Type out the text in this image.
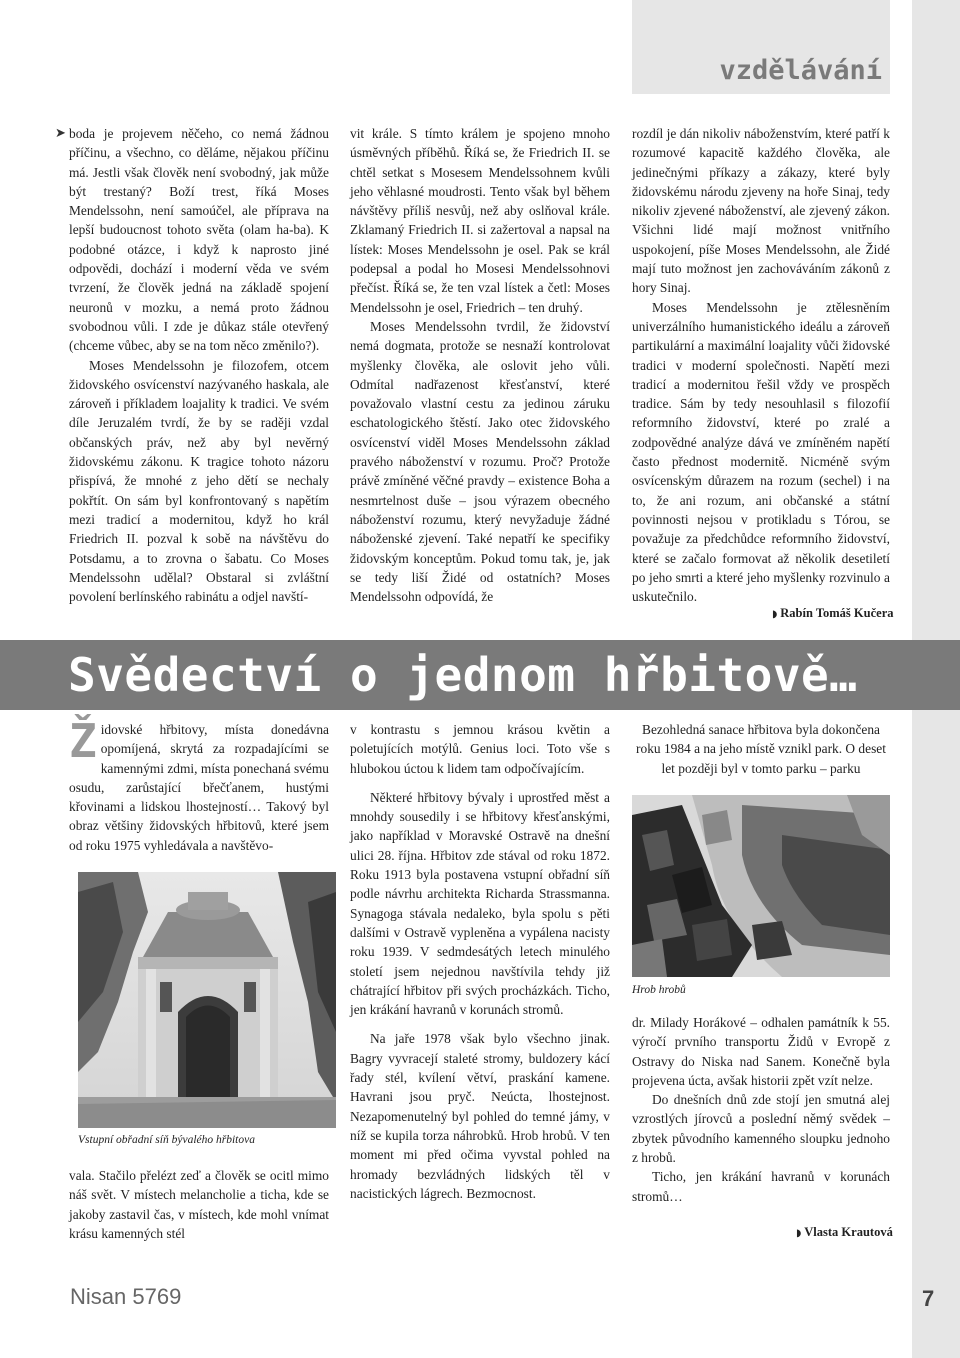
vzdělávání
➤ boda je projevem něčeho, co nemá žádnou příčinu, a všechno, co děláme, nějakou příčinu má. Jestli však člověk není svobodný, jak může být trestaný? Boží trest, říká Moses Mendelssohn, není samoúčel, ale příprava na lepší budoucnost tohoto světa (olam ha-ba). K podobné otázce, i když k naprosto jiné odpovědi, dochází i moderní věda ve svém tvrzení, že člověk jedná na základě spojení neuronů v mozku, a nemá proto žádnou svobodnou vůli. I zde je důkaz stále otevřený (chceme vůbec, aby se na tom něco změnilo?).

Moses Mendelssohn je filozofem, otcem židovského osvícenství nazývaného haskala, ale zároveň i příkladem loajality k tradici. Ve svém díle Jeruzalém tvrdí, že by se raději vzdal občanských práv, než aby byl nevěrný židovskému zákonu. K tragice tohoto názoru přispívá, že mnohé z jeho dětí se nechaly pokřtít. On sám byl konfrontovaný s napětím mezi tradicí a modernitou, když ho král Friedrich II. pozval k sobě na návštěvu do Potsdamu, a to zrovna o šabatu. Co Moses Mendelssohn udělal? Obstaral si zvláštní povolení berlínského rabinátu a odjel navští-

vit krále. S tímto králem je spojeno mnoho úsměvných příběhů. Říká se, že Friedrich II. se chtěl setkat s Mosesem Mendelssohnem kvůli jeho věhlasné moudrosti. Tento však byl během návštěvy příliš nesvůj, než aby oslňoval krále. Zklamaný Friedrich II. si zažertoval a napsal na lístek: Moses Mendelssohn je osel. Pak se král podepsal a podal ho Mosesi Mendelssohnovi přečíst. Říká se, že ten vzal lístek a četl: Moses Mendelssohn je osel, Friedrich – ten druhý.

Moses Mendelssohn tvrdil, že židovství nemá dogmata, protože se nesnaží kontrolovat myšlenky člověka, ale oslovit jeho vůli. Odmítal nadřazenost křesťanství, které považovalo vlastní cestu za jedinou záruku eschatologického štěstí. Jako otec židovského osvícenství viděl Moses Mendelssohn základ pravého náboženství v rozumu. Proč? Protože právě zmíněné věčné pravdy – existence Boha a nesmrtelnost duše – jsou výrazem obecného náboženství rozumu, který nevyžaduje žádné náboženské zjevení. Také nepatří ke specifiky židovským konceptům. Pokud tomu tak, je, jak se tedy liší Židé od ostatních? Moses Mendelssohn odpovídá, že

rozdíl je dán nikoliv náboženstvím, které patří k rozumové kapacitě každého člověka, ale jedinečnými příkazy a zákazy, které byly židovskému národu zjeveny na hoře Sinaj, tedy nikoliv zjevené náboženství, ale zjevený zákon. Všichni lidé mají možnost vnitřního uspokojení, píše Moses Mendelssohn, ale Židé mají tuto možnost jen zachováváním zákonů z hory Sinaj.

Moses Mendelssohn je ztělesněním univerzálního humanistického ideálu a zároveň partikulární a maximální loajality vůči židovské tradici v moderní společnosti. Napětí mezi tradicí a modernitou řešil vždy ve prospěch tradice. Sám by tedy nesouhlasil s filozofií reformního židovství, které po zralé a zodpovědné analýze dává ve zmíněném napětí často přednost modernitě. Nicméně svým osvícenským důrazem na rozum (sechel) i na to, že ani rozum, ani občanské a státní povinnosti nejsou v protikladu s Tórou, se považuje za předchůdce reformního židovství, které se začalo formovat až několik desetiletí po jeho smrti a které jeho myšlenky rozvinulo a uskutečnilo.

◗ Rabín Tomáš Kučera
Svědectví o jednom hřbitově…

Židovské hřbitovy, místa donedávna opomíjená, skrytá za rozpadajícími se kamennými zdmi, místa ponechaná svému osudu, zarůstající břečťanem, hustými křovinami a lidskou lhostejností… Takový byl obraz většiny židovských hřbitovů, které jsem od roku 1975 vyhledávala a navštěvo-

Vstupní obřadní síň bývalého hřbitova

vala. Stačilo přelézt zeď a člověk se ocitl mimo náš svět. V místech melancholie a ticha, kde se jakoby zastavil čas, v místech, kde mohl vnímat krásu kamenných stél

v kontrastu s jemnou krásou květin a poletujících motýlů. Genius loci. Toto vše s hlubokou úctou k lidem tam odpočívajícím.

Některé hřbitovy bývaly i uprostřed měst a mnohdy sousedily i se hřbitovy křesťanskými, jako například v Moravské Ostravě na dnešní ulici 28. října. Hřbitov zde stával od roku 1872. Roku 1913 byla postavena vstupní obřadní síň podle návrhu architekta Richarda Strassmanna. Synagoga stávala nedaleko, byla spolu s pěti dalšími v Ostravě vypleněna a vypálena nacisty roku 1939. V sedmdesátých letech minulého století jsem nejednou navštívila tehdy již chátrající hřbitov při svých procházkách. Ticho, jen krákání havranů v korunách stromů.

Na jaře 1978 však bylo všechno jinak. Bagry vyvracejí staleté stromy, buldozery kácí řady stél, kvílení větví, praskání kamene. Havrani jsou pryč. Neúcta, lhostejnost. Nezapomenutelný byl pohled do temné jámy, v níž se kupila torza náhrobků. Hrob hrobů. V ten moment mi před očima vyvstal pohled na hromady bezvládných lidských těl v nacistických lágrech. Bezmocnost.

Bezohledná sanace hřbitova byla dokončena roku 1984 a na jeho místě vznikl park. O deset let později byl v tomto parku – parku

Hrob hrobů

dr. Milady Horákové – odhalen památník k 55. výročí prvního transportu Židů v Evropě z Ostravy do Niska nad Sanem. Konečně byla projevena úcta, avšak historii zpět vzít nelze.

Do dnešních dnů zde stojí jen smutná alej vzrostlých jírovců a poslední němý svědek – zbytek původního kamenného sloupku jednoho z hrobů.

Ticho, jen krákání havranů v korunách stromů…

◗ Vlasta Krautová
Nisan 5769	7
